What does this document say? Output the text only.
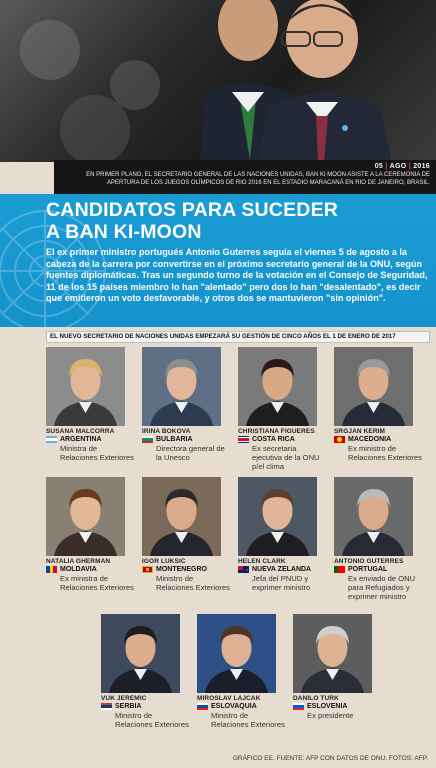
05 | AGO | 2016
EN PRIMER PLANO, EL SECRETARIO GENERAL DE LAS NACIONES UNIDAS, BAN KI MOON ASISTE A LA CEREMONIA DE APERTURA DE LOS JUEGOS OLÍMPICOS DE RIO 2016 EN EL ESTADIO MARACANÁ EN RIO DE JANEIRO, BRASIL.
CANDIDATOS PARA SUCEDER
A BAN KI-MOON
El ex primer ministro portugués Antonio Guterres seguía el viernes 5 de agosto a la cabeza de la carrera por convertirse en el próximo secretario general de la ONU, según fuentes diplomáticas. Tras un segundo turno de la votación en el Consejo de Seguridad, 11 de los 15 países miembro lo han "alentado" pero dos lo han "desalentado", es decir que emitieron un voto desfavorable, y otros dos se mantuvieron "sin opinión".
EL NUEVO SECRETARIO DE NACIONES UNIDAS EMPEZARÁ SU GESTIÓN DE CINCO AÑOS EL 1 DE ENERO DE 2017
SUSANA MALCORRA
ARGENTINA
Ministra de Relaciones Exteriores
IRINA BOKOVA
BULBARIA
Directora general de la Unesco
CHRISTIANA FIGUERES
COSTA RICA
Ex secretaria ejecutiva de la ONU p/el clima
SRGJAN KERIM
MACEDONIA
Ex ministro de Relaciones Exteriores
NATALIA GHERMAN
MOLDAVIA
Ex ministra de Relaciones Exteriores
IGOR LUKSIC
MONTENEGRO
Ministro de Relaciones Exteriores
HELEN CLARK
NUEVA ZELANDA
Jefa del PNUD y exprimer ministro
ANTONIO GUTERRES
PORTUGAL
Ex enviado de ONU para Refugiados y exprimer ministro
VUK JEREMIC
SERBIA
Ministro de Relaciones Exteriores
MIROSLAV LAJCAK
ESLOVAQUIA
Ministro de Relaciones Exteriores
DANILO TURK
ESLOVENIA
Ex presidente
GRÁFICO EE. FUENTE: AFP CON DATOS DE ONU. FOTOS: AFP.
